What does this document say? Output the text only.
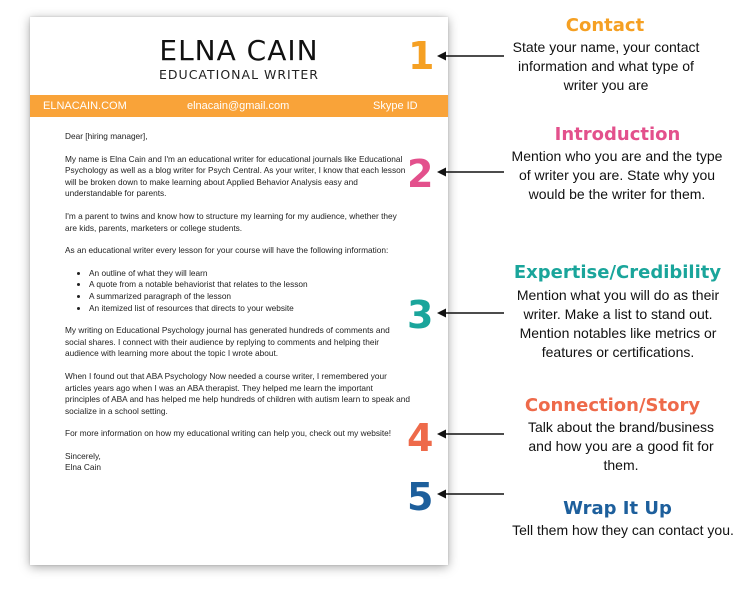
ELNA CAIN
EDUCATIONAL WRITER
ELNACAIN.COM	elnacain@gmail.com	Skype ID

Dear [hiring manager],

My name is Elna Cain and I'm an educational writer for educational journals like Educational Psychology as well as a blog writer for Psych Central. As your writer, I know that each lesson will be broken down to make learning about Applied Behavior Analysis easy and understandable for parents.

I'm a parent to twins and know how to structure my learning for my audience, whether they are kids, parents, marketers or college students.

As an educational writer every lesson for your course will have the following information:

• An outline of what they will learn
• A quote from a notable behaviorist that relates to the lesson
• A summarized paragraph of the lesson
• An itemized list of resources that directs to your website

My writing on Educational Psychology journal has generated hundreds of comments and social shares. I connect with their audience by replying to comments and helping their audience with learning more about the topic I wrote about.

When I found out that ABA Psychology Now needed a course writer, I remembered your articles years ago when I was an ABA therapist. They helped me learn the important principles of ABA and has helped me help hundreds of children with autism learn to speak and socialize in a school setting.

For more information on how my educational writing can help you, check out my website!

Sincerely,
Elna Cain
1
2
3
4
5
Contact
Introduction
Expertise/Credibility
Connection/Story
Wrap It Up
State your name, your contact information and what type of writer you are
Mention who you are and the type of writer you are. State why you would be the writer for them.
Mention what you will do as their writer. Make a list to stand out. Mention notables like metrics or features or certifications.
Talk about the brand/business and how you are a good fit for them.
Tell them how they can contact you.
